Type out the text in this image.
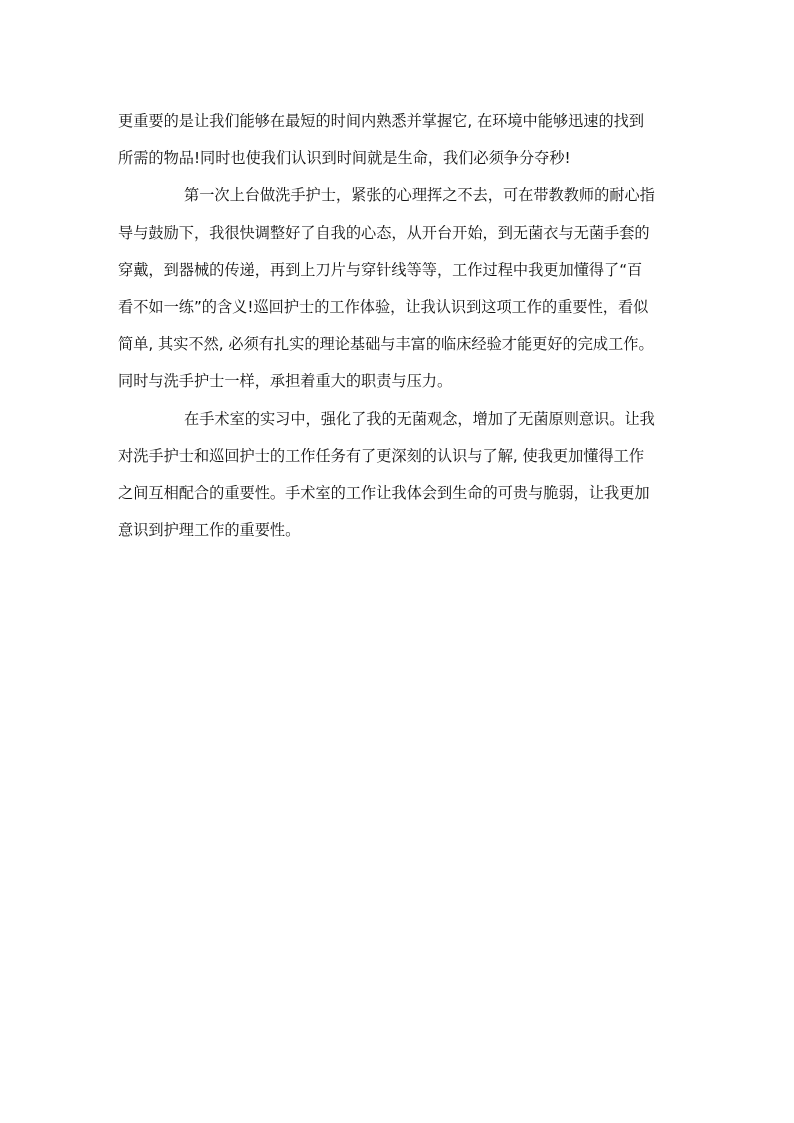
更重要的是让我们能够在最短的时间内熟悉并掌握它, 在环境中能够迅速的找到
所需的物品!同时也使我们认识到时间就是生命，我们必须争分夺秒!
第一次上台做洗手护士，紧张的心理挥之不去，可在带教教师的耐心指
导与鼓励下，我很快调整好了自我的心态，从开台开始，到无菌衣与无菌手套的
穿戴，到器械的传递，再到上刀片与穿针线等等，工作过程中我更加懂得了“百
看不如一练”的含义!巡回护士的工作体验，让我认识到这项工作的重要性，看似
简单, 其实不然, 必须有扎实的理论基础与丰富的临床经验才能更好的完成工作。
同时与洗手护士一样，承担着重大的职责与压力。
在手术室的实习中，强化了我的无菌观念，增加了无菌原则意识。让我
对洗手护士和巡回护士的工作任务有了更深刻的认识与了解, 使我更加懂得工作
之间互相配合的重要性。手术室的工作让我体会到生命的可贵与脆弱，让我更加
意识到护理工作的重要性。
